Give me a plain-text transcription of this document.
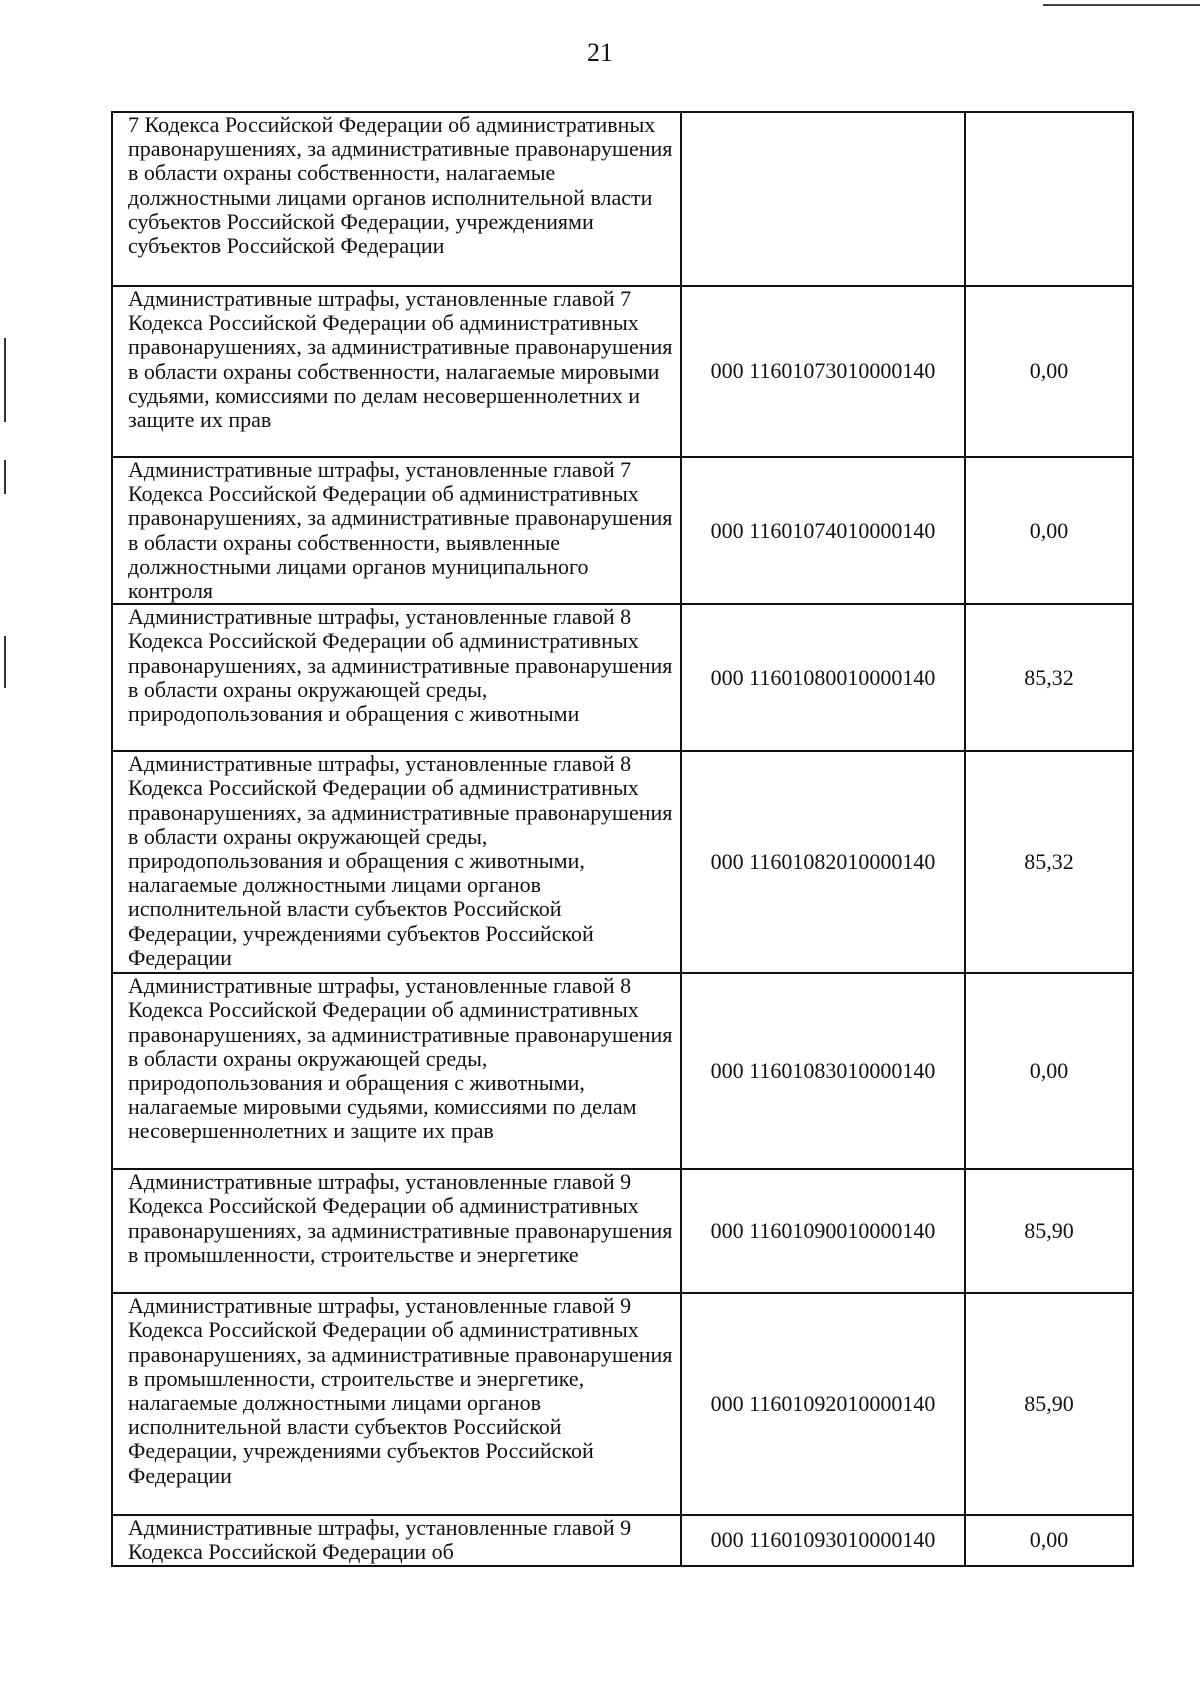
21
7 Кодекса Российской Федерации об административных правонарушениях, за административные правонарушения в области охраны собственности, налагаемые должностными лицами органов исполнительной власти субъектов Российской Федерации, учреждениями субъектов Российской Федерации		
Административные штрафы, установленные главой 7 Кодекса Российской Федерации об административных правонарушениях, за административные правонарушения в области охраны собственности, налагаемые мировыми судьями, комиссиями по делам несовершеннолетних и защите их прав	000 11601073010000140	0,00
Административные штрафы, установленные главой 7 Кодекса Российской Федерации об административных правонарушениях, за административные правонарушения в области охраны собственности, выявленные должностными лицами органов муниципального контроля	000 11601074010000140	0,00
Административные штрафы, установленные главой 8 Кодекса Российской Федерации об административных правонарушениях, за административные правонарушения в области охраны окружающей среды, природопользования и обращения с животными	000 11601080010000140	85,32
Административные штрафы, установленные главой 8 Кодекса Российской Федерации об административных правонарушениях, за административные правонарушения в области охраны окружающей среды, природопользования и обращения с животными, налагаемые должностными лицами органов исполнительной власти субъектов Российской Федерации, учреждениями субъектов Российской Федерации	000 11601082010000140	85,32
Административные штрафы, установленные главой 8 Кодекса Российской Федерации об административных правонарушениях, за административные правонарушения в области охраны окружающей среды, природопользования и обращения с животными, налагаемые мировыми судьями, комиссиями по делам несовершеннолетних и защите их прав	000 11601083010000140	0,00
Административные штрафы, установленные главой 9 Кодекса Российской Федерации об административных правонарушениях, за административные правонарушения в промышленности, строительстве и энергетике	000 11601090010000140	85,90
Административные штрафы, установленные главой 9 Кодекса Российской Федерации об административных правонарушениях, за административные правонарушения в промышленности, строительстве и энергетике, налагаемые должностными лицами органов исполнительной власти субъектов Российской Федерации, учреждениями субъектов Российской Федерации	000 11601092010000140	85,90
Административные штрафы, установленные главой 9 Кодекса Российской Федерации об	000 11601093010000140	0,00
